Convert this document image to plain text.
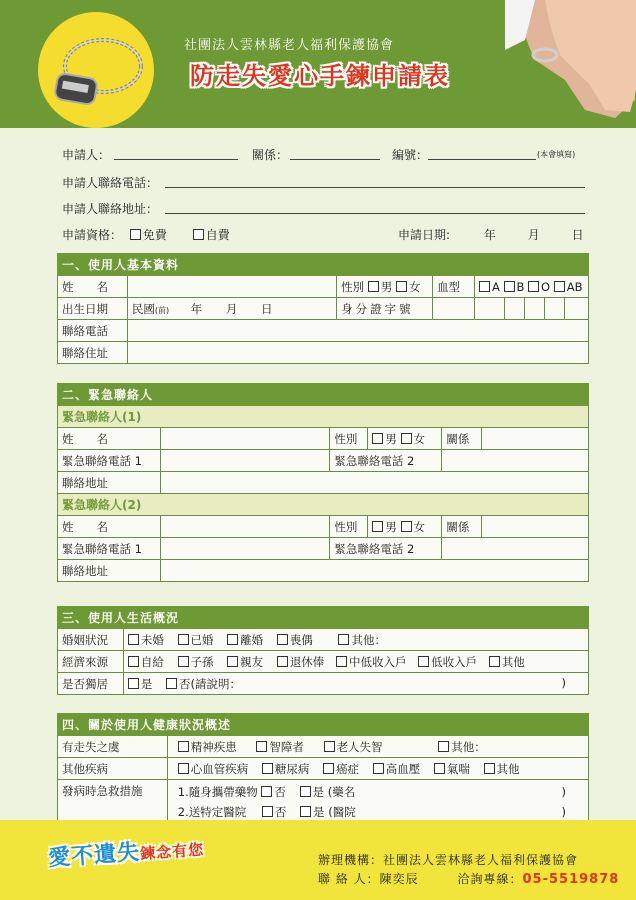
社團法人雲林縣老人福利保護協會
防走失愛心手鍊申請表
申請人：	關係：	編號：	(本會填寫)
申請人聯絡電話：
申請人聯絡地址：
申請資格： 免費	自費	申請日期:	年	月	日
一、使用人基本資料								
姓　　名		性別 男 女	血型	A B O AB				
出生日期	民國(前) 年 月 日	身分證字號						
聯絡電話								
聯絡住址								
二、緊急聯絡人					
緊急聯絡人(1)					
姓　　名		性別	男 女	關係	
緊急聯絡電話 1		緊急聯絡電話 2			
聯絡地址					
緊急聯絡人(2)					
姓　　名		性別	男 女	關係	
緊急聯絡電話 1		緊急聯絡電話 2			
聯絡地址					
三、使用人生活概況	
婚姻狀況	未婚 已婚 離婚 喪偶 其他：
經濟來源	自給 子孫 親友 退休俸 中低收入戶 低收入戶 其他
是否獨居	是 否(請說明： )
四、關於使用人健康狀況概述	
有走失之虞	精神疾患 智障者 老人失智 其他：
其他疾病	心血管疾病 糖尿病 癌症 高血壓 氣喘 其他
發病時急救措施	1.隨身攜帶藥物 否 是 (藥名 )
2.送特定醫院 否 是 (醫院 )
愛不遺失鍊念有您	辦理機構：社團法人雲林縣老人福利保護協會
聯 絡 人：陳奕辰	洽詢專線：05-5519878
